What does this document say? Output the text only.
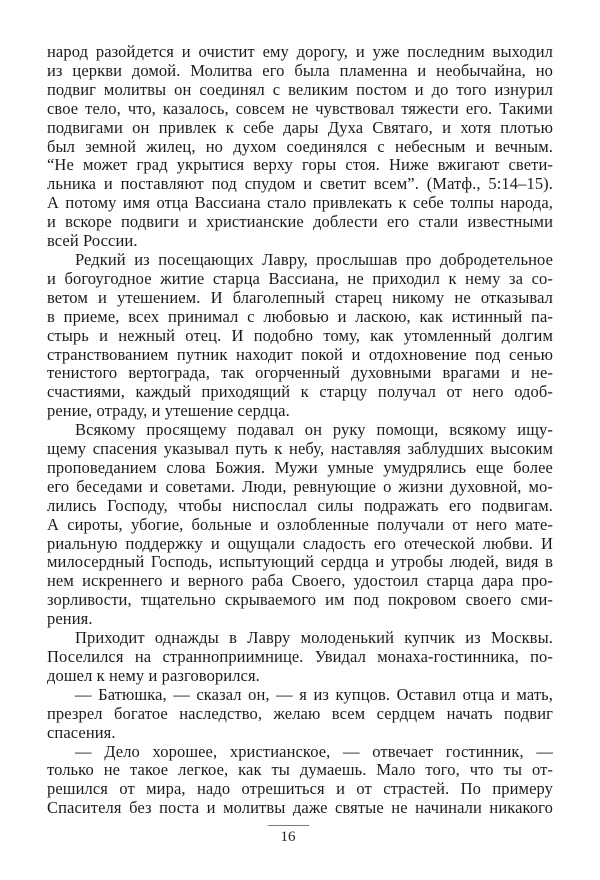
народ разойдется и очистит ему дорогу, и уже последним выходил
из церкви домой. Молитва его была пламенна и необычайна, но
подвиг молитвы он соединял с великим постом и до того изнурил
свое тело, что, казалось, совсем не чувствовал тяжести его. Такими
подвигами он привлек к себе дары Духа Святаго, и хотя плотью
был земной жилец, но духом соединялся с небесным и вечным.
“Не может град укрытися верху горы стоя. Ниже вжигают свети-
льника и поставляют под спудом и светит всем”. (Матф., 5:14–15).
А потому имя отца Вассиана стало привлекать к себе толпы народа,
и вскоре подвиги и христианские доблести его стали известными
всей России.
Редкий из посещающих Лавру, прослышав про добродетельное
и богоугодное житие старца Вассиана, не приходил к нему за со-
ветом и утешением. И благолепный старец никому не отказывал
в приеме, всех принимал с любовью и ласкою, как истинный па-
стырь и нежный отец. И подобно тому, как утомленный долгим
странствованием путник находит покой и отдохновение под сенью
тенистого вертограда, так огорченный духовными врагами и не-
счастиями, каждый приходящий к старцу получал от него одоб-
рение, отраду, и утешение сердца.
Всякому просящему подавал он руку помощи, всякому ищу-
щему спасения указывал путь к небу, наставляя заблудших высоким
проповеданием слова Божия. Мужи умные умудрялись еще более
его беседами и советами. Люди, ревнующие о жизни духовной, мо-
лились Господу, чтобы ниспослал силы подражать его подвигам.
А сироты, убогие, больные и озлобленные получали от него мате-
риальную поддержку и ощущали сладость его отеческой любви. И
милосердный Господь, испытующий сердца и утробы людей, видя в
нем искреннего и верного раба Своего, удостоил старца дара про-
зорливости, тщательно скрываемого им под покровом своего сми-
рения.
Приходит однажды в Лавру молоденький купчик из Москвы.
Поселился на странноприимнице. Увидал монаха-гостинника, по-
дошел к нему и разговорился.
— Батюшка, — сказал он, — я из купцов. Оставил отца и мать,
презрел богатое наследство, желаю всем сердцем начать подвиг
спасения.
— Дело хорошее, христианское, — отвечает гостинник, —
только не такое легкое, как ты думаешь. Мало того, что ты от-
решился от мира, надо отрешиться и от страстей. По примеру
Спасителя без поста и молитвы даже святые не начинали никакого
16
